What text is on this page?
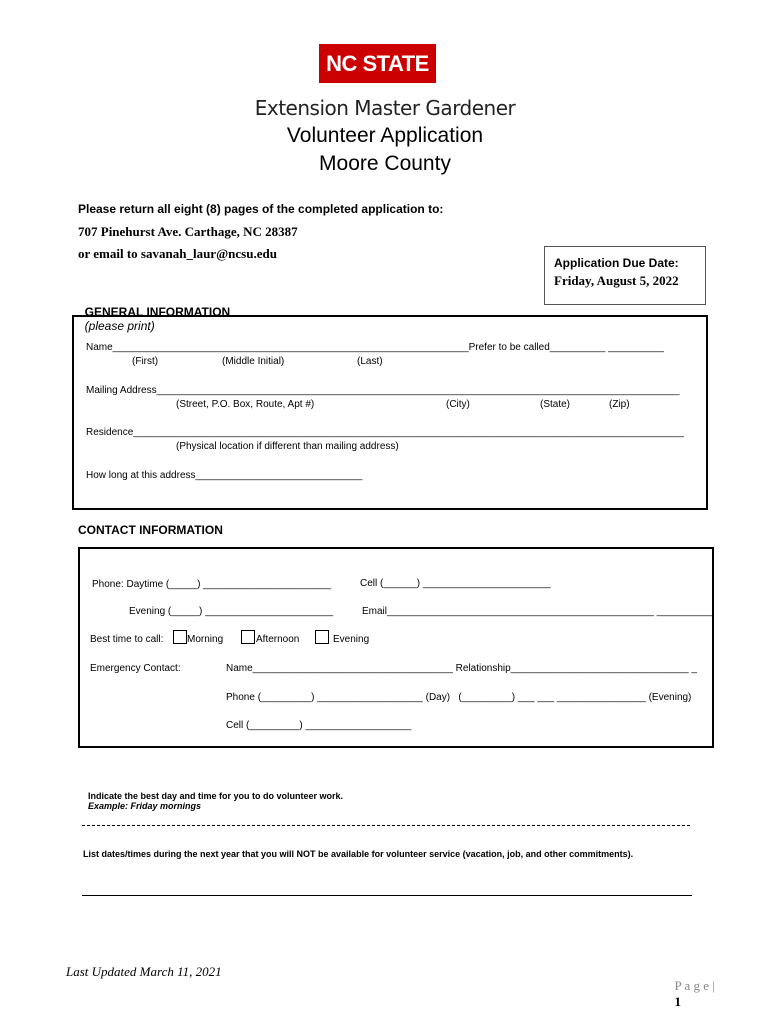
NC STATE
Extension Master Gardener
Volunteer Application
Moore County
Please return all eight (8) pages of the completed application to:
707 Pinehurst Ave. Carthage, NC 28387
or email to savanah_laur@ncsu.edu
Application Due Date:
Friday, August 5, 2022

GENERAL INFORMATION
(please print)

Name________________________________________________________________Prefer to be called__________ __________
(First)	(Middle Initial)	(Last)
Mailing Address______________________________________________________________________________________________
(Street, P.O. Box, Route, Apt #)	(City)	(State)	(Zip)
Residence___________________________________________________________________________________________________
(Physical location if different than mailing address)
How long at this address______________________________
CONTACT INFORMATION
Phone: Daytime (_____) _______________________	Cell (______) _______________________
Evening (_____) _______________________	Email________________________________________________ __________
Best time to call: Morning	Afternoon	Evening
Emergency Contact:	Name____________________________________ Relationship________________________________ _
Phone (_________) ___________________ (Day)   (_________) ___ ___ ________________ (Evening)
Cell (_________) ___________________

Indicate the best day and time for you to do volunteer work.
Example: Friday mornings

List dates/times during the next year that you will NOT be available for volunteer service (vacation, job, and other commitments).
Last Updated March 11, 2021

P a g e |
1
